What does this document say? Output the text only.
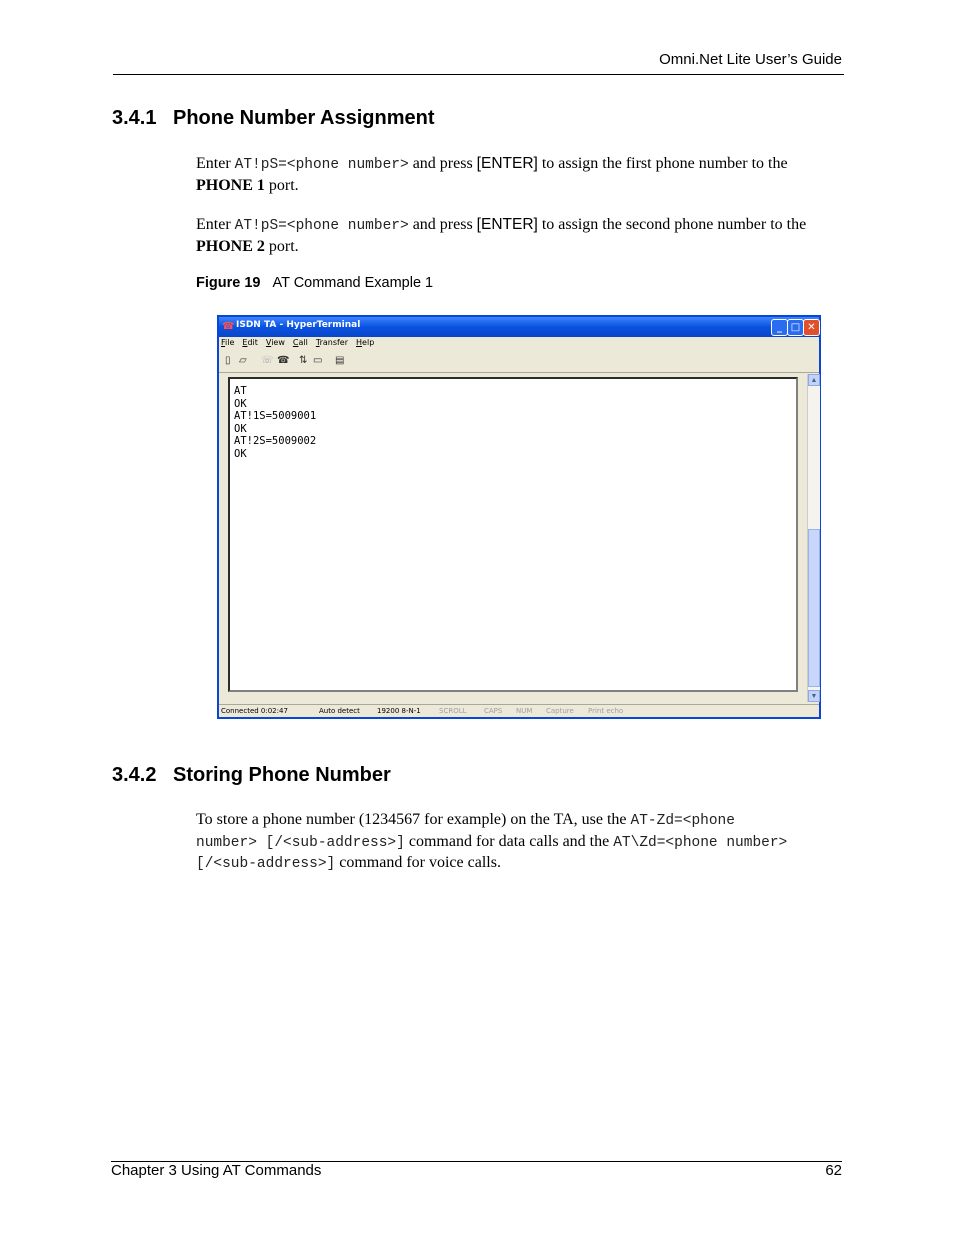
Omni.Net Lite User’s Guide
3.4.1 Phone Number Assignment

Enter AT!pS=<phone number> and press [ENTER] to assign the first phone number to the PHONE 1 port.

Enter AT!pS=<phone number> and press [ENTER] to assign the second phone number to the PHONE 2 port.

Figure 19 AT Command Example 1
☎ ISDN TA - HyperTerminal	_ □ ✕
File Edit View Call Transfer Help
▯ ▱ ☏ ☎ ⇅ ▭ ▤
AT
OK
AT!1S=5009001
OK
AT!2S=5009002
OK
▲
▼
Connected 0:02:47	Auto detect 19200 8-N-1	SCROLL CAPS NUM Capture Print echo
3.4.2 Storing Phone Number

To store a phone number (1234567 for example) on the TA, use the AT-Zd=<phone number> [/<sub-address>] command for data calls and the AT\Zd=<phone number> [/<sub-address>] command for voice calls.

Chapter 3 Using AT Commands	62
